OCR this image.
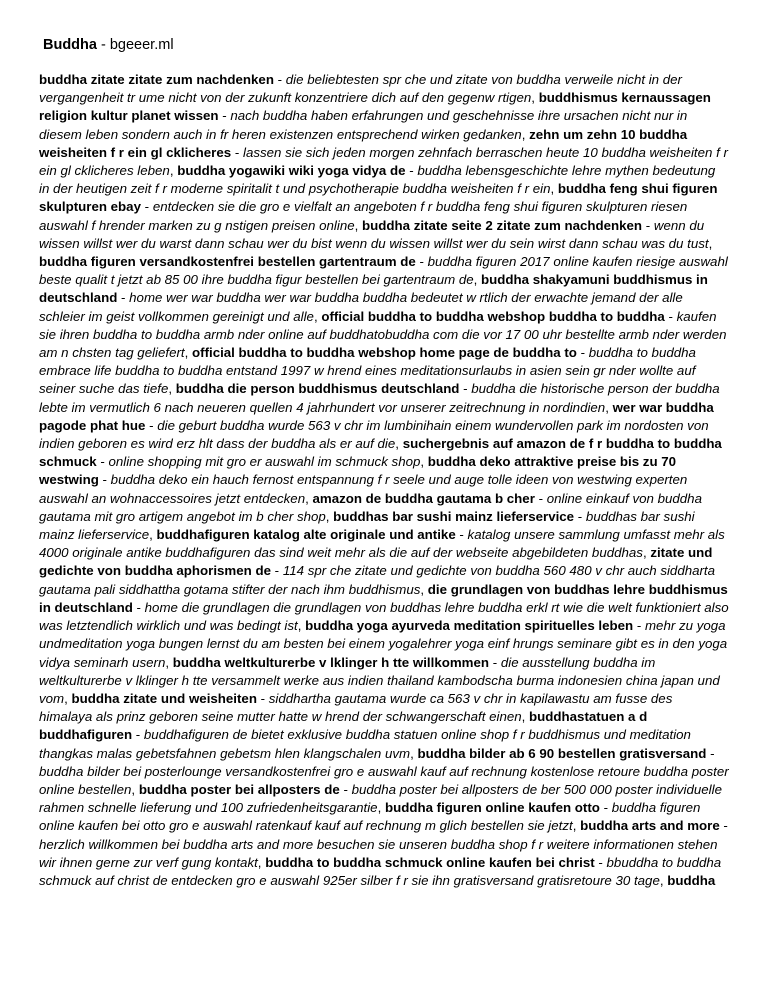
Buddha - bgeeer.ml

buddha zitate zitate zum nachdenken - die beliebtesten spr che und zitate von buddha verweile nicht in der vergangenheit tr ume nicht von der zukunft konzentriere dich auf den gegenw rtigen, buddhismus kernaussagen religion kultur planet wissen - nach buddha haben erfahrungen und geschehnisse ihre ursachen nicht nur in diesem leben sondern auch in fr heren existenzen entsprechend wirken gedanken, zehn um zehn 10 buddha weisheiten f r ein gl cklicheres - lassen sie sich jeden morgen zehnfach berraschen heute 10 buddha weisheiten f r ein gl cklicheres leben, buddha yogawiki wiki yoga vidya de - buddha lebensgeschichte lehre mythen bedeutung in der heutigen zeit f r moderne spiritalit t und psychotherapie buddha weisheiten f r ein, buddha feng shui figuren skulpturen ebay - entdecken sie die gro e vielfalt an angeboten f r buddha feng shui figuren skulpturen riesen auswahl f hrender marken zu g nstigen preisen online, buddha zitate seite 2 zitate zum nachdenken - wenn du wissen willst wer du warst dann schau wer du bist wenn du wissen willst wer du sein wirst dann schau was du tust, buddha figuren versandkostenfrei bestellen gartentraum de - buddha figuren 2017 online kaufen riesige auswahl beste qualit t jetzt ab 85 00 ihre buddha figur bestellen bei gartentraum de, buddha shakyamuni buddhismus in deutschland - home wer war buddha wer war buddha buddha bedeutet w rtlich der erwachte jemand der alle schleier im geist vollkommen gereinigt und alle, official buddha to buddha webshop buddha to buddha - kaufen sie ihren buddha to buddha armb nder online auf buddhatobuddha com die vor 17 00 uhr bestellte armb nder werden am n chsten tag geliefert, official buddha to buddha webshop home page de buddha to - buddha to buddha embrace life buddha to buddha entstand 1997 w hrend eines meditationsurlaubs in asien sein gr nder wollte auf seiner suche das tiefe, buddha die person buddhismus deutschland - buddha die historische person der buddha lebte im vermutlich 6 nach neueren quellen 4 jahrhundert vor unserer zeitrechnung in nordindien, wer war buddha pagode phat hue - die geburt buddha wurde 563 v chr im lumbinihain einem wundervollen park im nordosten von indien geboren es wird erz hlt dass der buddha als er auf die, suchergebnis auf amazon de f r buddha to buddha schmuck - online shopping mit gro er auswahl im schmuck shop, buddha deko attraktive preise bis zu 70 westwing - buddha deko ein hauch fernost entspannung f r seele und auge tolle ideen von westwing experten auswahl an wohnaccessoires jetzt entdecken, amazon de buddha gautama b cher - online einkauf von buddha gautama mit gro artigem angebot im b cher shop, buddhas bar sushi mainz lieferservice - buddhas bar sushi mainz lieferservice, buddhafiguren katalog alte originale und antike - katalog unsere sammlung umfasst mehr als 4000 originale antike buddhafiguren das sind weit mehr als die auf der webseite abgebildeten buddhas, zitate und gedichte von buddha aphorismen de - 114 spr che zitate und gedichte von buddha 560 480 v chr auch siddharta gautama pali siddhattha gotama stifter der nach ihm buddhismus, die grundlagen von buddhas lehre buddhismus in deutschland - home die grundlagen die grundlagen von buddhas lehre buddha erkl rt wie die welt funktioniert also was letztendlich wirklich und was bedingt ist, buddha yoga ayurveda meditation spirituelles leben - mehr zu yoga undmeditation yoga bungen lernst du am besten bei einem yogalehrer yoga einf hrungs seminare gibt es in den yoga vidya seminarh usern, buddha weltkulturerbe v lklinger h tte willkommen - die ausstellung buddha im weltkulturerbe v lklinger h tte versammelt werke aus indien thailand kambodscha burma indonesien china japan und vom, buddha zitate und weisheiten - siddhartha gautama wurde ca 563 v chr in kapilawastu am fusse des himalaya als prinz geboren seine mutter hatte w hrend der schwangerschaft einen, buddhastatuen a d buddhafiguren - buddhafiguren de bietet exklusive buddha statuen online shop f r buddhismus und meditation thangkas malas gebetsfahnen gebetsm hlen klangschalen uvm, buddha bilder ab 6 90 bestellen gratisversand - buddha bilder bei posterlounge versandkostenfrei gro e auswahl kauf auf rechnung kostenlose retoure buddha poster online bestellen, buddha poster bei allposters de - buddha poster bei allposters de ber 500 000 poster individuelle rahmen schnelle lieferung und 100 zufriedenheitsgarantie, buddha figuren online kaufen otto - buddha figuren online kaufen bei otto gro e auswahl ratenkauf kauf auf rechnung m glich bestellen sie jetzt, buddha arts and more - herzlich willkommen bei buddha arts and more besuchen sie unseren buddha shop f r weitere informationen stehen wir ihnen gerne zur verf gung kontakt, buddha to buddha schmuck online kaufen bei christ - bbuddha to buddha schmuck auf christ de entdecken gro e auswahl 925er silber f r sie ihn gratisversand gratisretoure 30 tage, buddha
